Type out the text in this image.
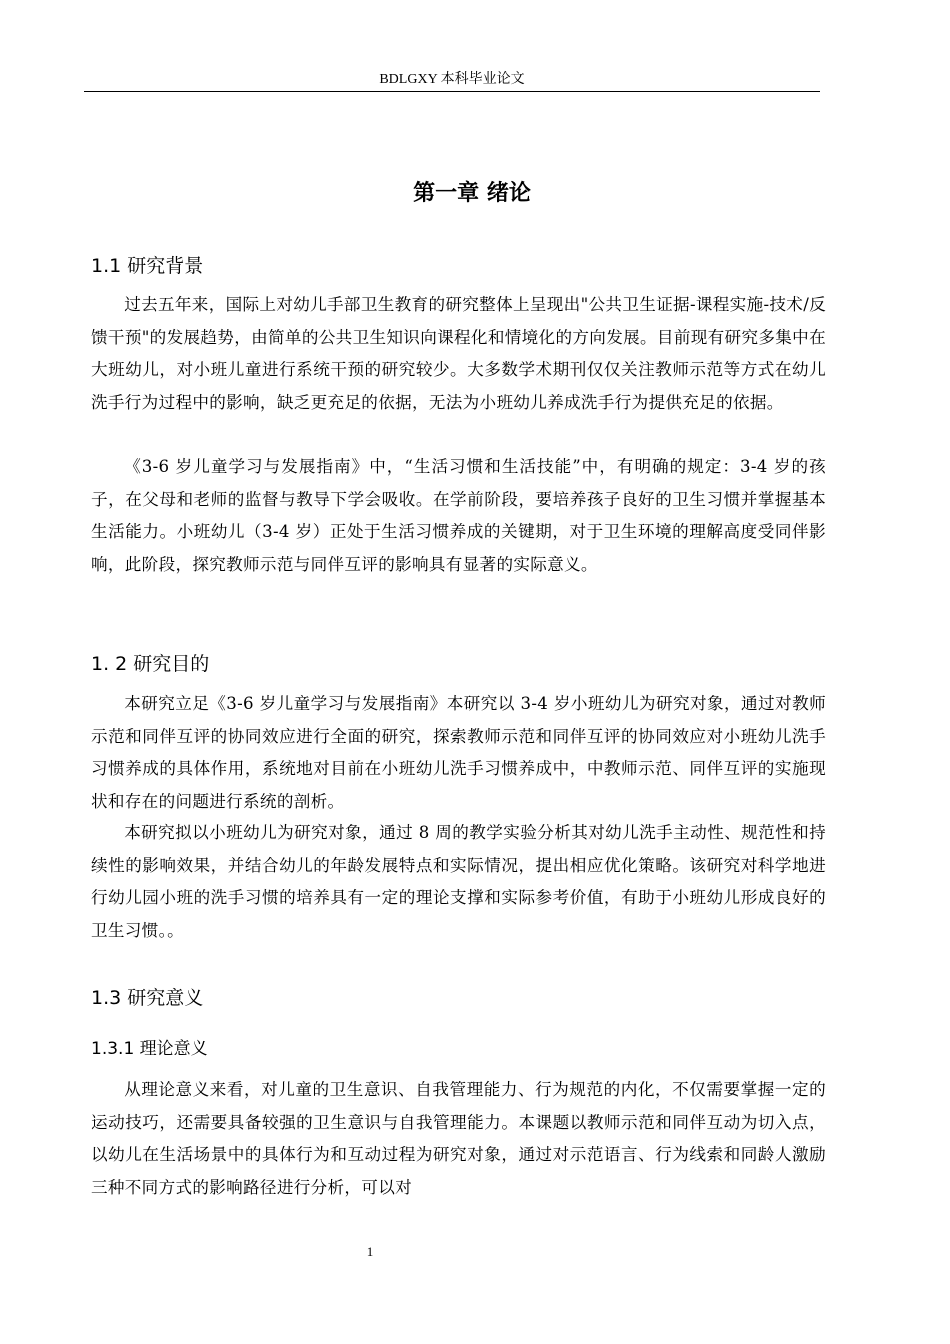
BDLGXY 本科毕业论文
第一章 绪论
1.1 研究背景
过去五年来，国际上对幼儿手部卫生教育的研究整体上呈现出"公共卫生证据-课程实施-技术/反馈干预"的发展趋势，由简单的公共卫生知识向课程化和情境化的方向发展。目前现有研究多集中在大班幼儿，对小班儿童进行系统干预的研究较少。大多数学术期刊仅仅关注教师示范等方式在幼儿洗手行为过程中的影响，缺乏更充足的依据，无法为小班幼儿养成洗手行为提供充足的依据。
《3-6 岁儿童学习与发展指南》中，“生活习惯和生活技能”中，有明确的规定：3-4 岁的孩子，在父母和老师的监督与教导下学会吸收。在学前阶段，要培养孩子良好的卫生习惯并掌握基本生活能力。小班幼儿（3-4 岁）正处于生活习惯养成的关键期，对于卫生环境的理解高度受同伴影响，此阶段，探究教师示范与同伴互评的影响具有显著的实际意义。
1. 2 研究目的
本研究立足《3-6 岁儿童学习与发展指南》本研究以 3-4 岁小班幼儿为研究对象，通过对教师示范和同伴互评的协同效应进行全面的研究，探索教师示范和同伴互评的协同效应对小班幼儿洗手习惯养成的具体作用，系统地对目前在小班幼儿洗手习惯养成中，中教师示范、同伴互评的实施现状和存在的问题进行系统的剖析。
本研究拟以小班幼儿为研究对象，通过 8 周的教学实验分析其对幼儿洗手主动性、规范性和持续性的影响效果，并结合幼儿的年龄发展特点和实际情况，提出相应优化策略。该研究对科学地进行幼儿园小班的洗手习惯的培养具有一定的理论支撑和实际参考价值，有助于小班幼儿形成良好的卫生习惯。。
1.3 研究意义
1.3.1 理论意义
从理论意义来看，对儿童的卫生意识、自我管理能力、行为规范的内化，不仅需要掌握一定的运动技巧，还需要具备较强的卫生意识与自我管理能力。本课题以教师示范和同伴互动为切入点，以幼儿在生活场景中的具体行为和互动过程为研究对象，通过对示范语言、行为线索和同龄人激励三种不同方式的影响路径进行分析，可以对
1
